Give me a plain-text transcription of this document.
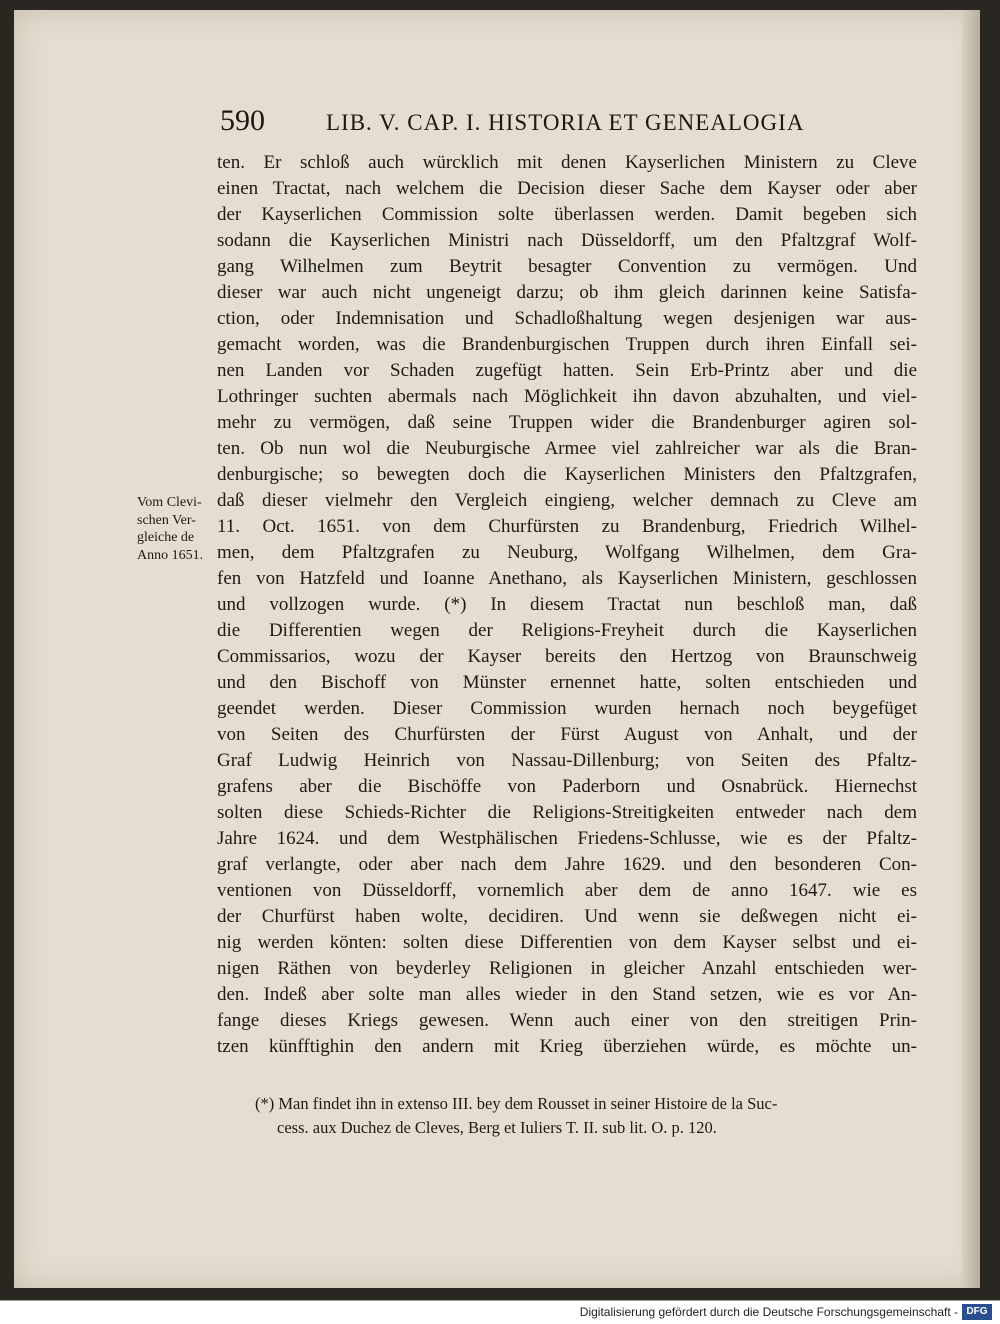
590	LIB. V. CAP. I. HISTORIA ET GENEALOGIA
Vom Clevi-
schen Ver-
gleiche de
Anno 1651.
ten. Er schloß auch würcklich mit denen Kayserlichen Ministern zu Cleve
einen Tractat, nach welchem die Decision dieser Sache dem Kayser oder aber
der Kayserlichen Commission solte überlassen werden. Damit begeben sich
sodann die Kayserlichen Ministri nach Düsseldorff, um den Pfaltzgraf Wolf-
gang Wilhelmen zum Beytrit besagter Convention zu vermögen. Und
dieser war auch nicht ungeneigt darzu; ob ihm gleich darinnen keine Satisfa-
ction, oder Indemnisation und Schadloßhaltung wegen desjenigen war aus-
gemacht worden, was die Brandenburgischen Truppen durch ihren Einfall sei-
nen Landen vor Schaden zugefügt hatten. Sein Erb-Printz aber und die
Lothringer suchten abermals nach Möglichkeit ihn davon abzuhalten, und viel-
mehr zu vermögen, daß seine Truppen wider die Brandenburger agiren sol-
ten. Ob nun wol die Neuburgische Armee viel zahlreicher war als die Bran-
denburgische; so bewegten doch die Kayserlichen Ministers den Pfaltzgrafen,
daß dieser vielmehr den Vergleich eingieng, welcher demnach zu Cleve am
11. Oct. 1651. von dem Churfürsten zu Brandenburg, Friedrich Wilhel-
men, dem Pfaltzgrafen zu Neuburg, Wolfgang Wilhelmen, dem Gra-
fen von Hatzfeld und Ioanne Anethano, als Kayserlichen Ministern, geschlossen
und vollzogen wurde. (*) In diesem Tractat nun beschloß man, daß
die Differentien wegen der Religions-Freyheit durch die Kayserlichen
Commissarios, wozu der Kayser bereits den Hertzog von Braunschweig
und den Bischoff von Münster ernennet hatte, solten entschieden und
geendet werden. Dieser Commission wurden hernach noch beygefüget
von Seiten des Churfürsten der Fürst August von Anhalt, und der
Graf Ludwig Heinrich von Nassau-Dillenburg; von Seiten des Pfaltz-
grafens aber die Bischöffe von Paderborn und Osnabrück. Hiernechst
solten diese Schieds-Richter die Religions-Streitigkeiten entweder nach dem
Jahre 1624. und dem Westphälischen Friedens-Schlusse, wie es der Pfaltz-
graf verlangte, oder aber nach dem Jahre 1629. und den besonderen Con-
ventionen von Düsseldorff, vornemlich aber dem de anno 1647. wie es
der Churfürst haben wolte, decidiren. Und wenn sie deßwegen nicht ei-
nig werden könten: solten diese Differentien von dem Kayser selbst und ei-
nigen Räthen von beyderley Religionen in gleicher Anzahl entschieden wer-
den. Indeß aber solte man alles wieder in den Stand setzen, wie es vor An-
fange dieses Kriegs gewesen. Wenn auch einer von den streitigen Prin-
tzen künfftighin den andern mit Krieg überziehen würde, es möchte un-
(*) Man findet ihn in extenso III. bey dem Rousset in seiner Histoire de la Suc-
cess. aux Duchez de Cleves, Berg et Iuliers T. II. sub lit. O. p. 120.
Digitalisierung gefördert durch die Deutsche Forschungsgemeinschaft - DFG
